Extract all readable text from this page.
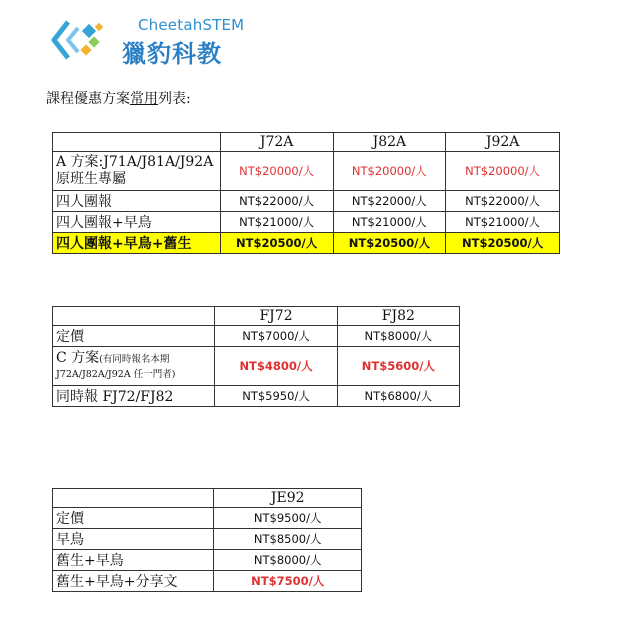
CheetahSTEM
獵豹科教
課程優惠方案常用列表:
	J72A	J82A	J92A

A 方案:J71A/J81A/J92A
原班生專屬	NT$20000/人	NT$20000/人	NT$20000/人
四人團報	NT$22000/人	NT$22000/人	NT$22000/人
四人團報+早鳥	NT$21000/人	NT$21000/人	NT$21000/人
四人團報+早鳥+舊生	NT$20500/人	NT$20500/人	NT$20500/人
	FJ72	FJ82
定價	NT$7000/人	NT$8000/人

C 方案(有同時報名本期
J72A/J82A/J92A 任一門者)	NT$4800/人	NT$5600/人
同時報 FJ72/FJ82	NT$5950/人	NT$6800/人
	JE92
定價	NT$9500/人
早鳥	NT$8500/人
舊生+早鳥	NT$8000/人
舊生+早鳥+分享文	NT$7500/人
